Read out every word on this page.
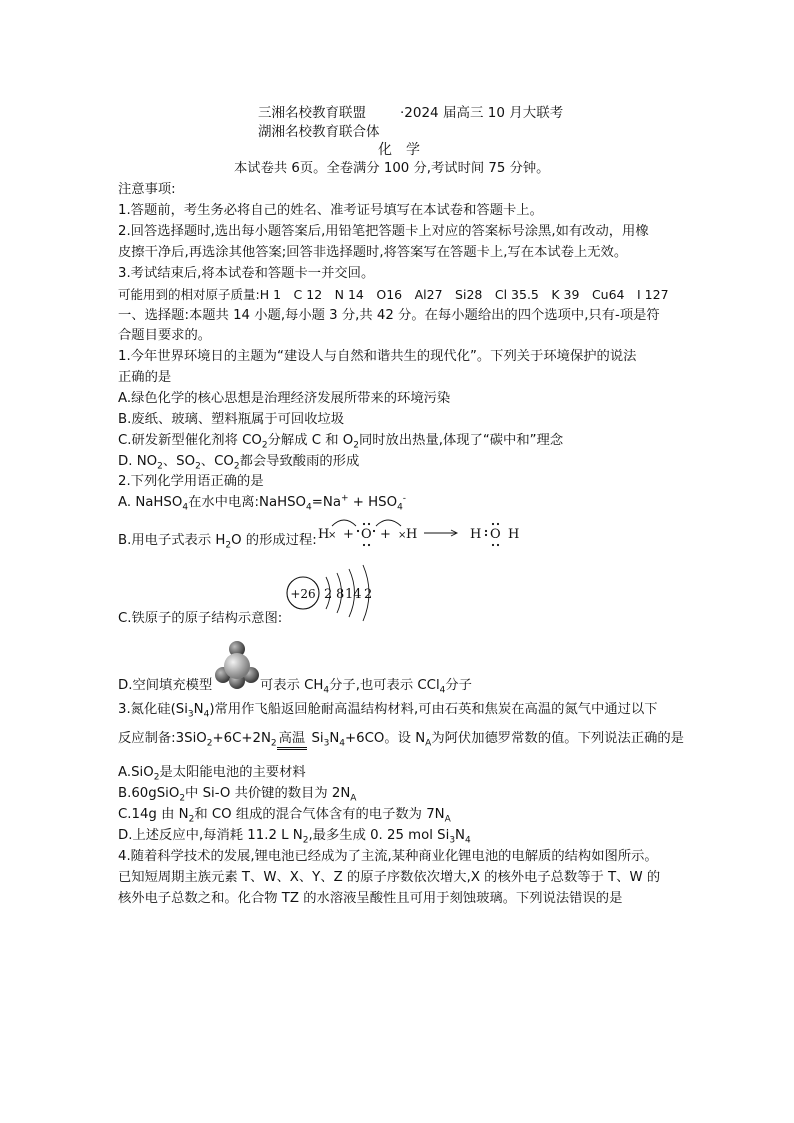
三湘名校教育联盟
湖湘名校教育联合体
·2024 届高三 10 月大联考
化　学
本试卷共 6页。全卷满分 100 分,考试时间 75 分钟。
注意事项:
1.答题前，考生务必将自己的姓名、准考证号填写在本试卷和答题卡上。
2.回答选择题时,选出每小题答案后,用铅笔把答题卡上对应的答案标号涂黑,如有改动，用橡
皮擦干净后,再选涂其他答案;回答非选择题时,将答案写在答题卡上,写在本试卷上无效。
3.考试结束后,将本试卷和答题卡一并交回。
可能用到的相对原子质量:H 1　C 12　N 14　O16　Al27　Si28　Cl 35.5　K 39　Cu64　I 127
一、选择题:本题共 14 小题,每小题 3 分,共 42 分。在每小题给出的四个选项中,只有-项是符
合题目要求的。
1.今年世界环境日的主题为“建设人与自然和谐共生的现代化”。下列关于环境保护的说法
正确的是
A.绿色化学的核心思想是治理经济发展所带来的环境污染
B.废纸、玻璃、塑料瓶属于可回收垃圾
C.研发新型催化剂将 $CO_2$分解成 C 和 $O_2$同时放出热量,体现了“碳中和”理念
D. $NO_2$、$SO_2$、$CO_2$都会导致酸雨的形成
2.下列化学用语正确的是
A. NaHSO$_4$在水中电离:NaHSO$_4$=Na+ + $HSO_4^-$
B.用电子式表示 $H_2O$ 的形成过程: H
× + O + × H	H O H
C.铁原子的原子结构示意图:
+26 2 8 14 2
D.空间填充模型	可表示 $CH_4$分子,也可表示 CCl$_4$分子
3.氮化硅$(Si_3N_4)$常用作飞船返回舱耐高温结构材料,可由石英和焦炭在高温的氮气中通过以下
反应制备$:3SiO_2+6C+2N_2$ 高温 $Si_3N_4+6CO$。设 $N_A$为阿伏加德罗常数的值。下列说法正确的是
A.SiO$_2$是太阳能电池的主要材料
B.60gSiO$_2$中 Si-O 共价键的数目为 $2N_A$
C.14g 由 $N_2$和 CO 组成的混合气体含有的电子数为 $7N_A$
D.上述反应中,每消耗 11.2 L $N_2$,最多生成 0. 25 mol $Si_3N_4$
4.随着科学技术的发展,锂电池已经成为了主流,某种商业化锂电池的电解质的结构如图所示。
已知短周期主族元素 T、W、X、Y、Z 的原子序数依次增大,X 的核外电子总数等于 T、W 的
核外电子总数之和。化合物 TZ 的水溶液呈酸性且可用于刻蚀玻璃。下列说法错误的是
